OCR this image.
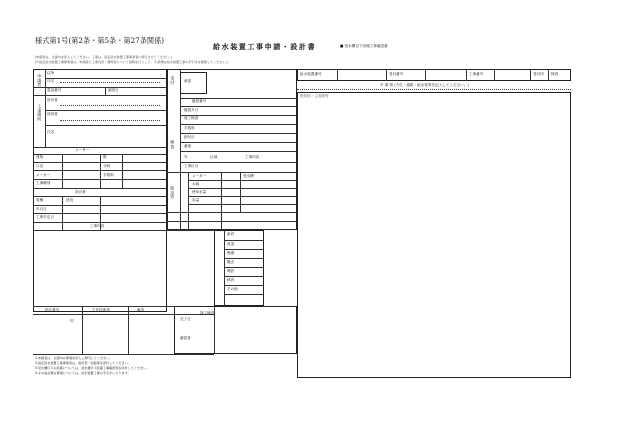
様式第1号(第2条・第5条・第27条関係)
給水装置工事申請・設計書	■ 受水槽以下設備工事確認書
(申請者は、太線内を記入してください。工事は、指定給水装置工事事業者に施行させてください。)
(1.指定給水装置工事事業者は、申請者に工事内容・費用等について説明を行うこと。 2.詳細は給水装置工事の手引きを参照してください。)
申請者
住所
氏名
電話番号	調査日
工事場所
所有者
使用者
氏名
メーター
建物	階
口径	分岐
メーカー	手数料
工事種別
設計者
管種	延長
年月日
工事予定日
工事内容
指定番号	主任技術者	審査
印	完了日
確認者
1.申請者は、太線内の事項を記入し押印してください。
2.指定給水装置工事事業者は、設計書・図面等を添付してください。
3.受水槽以下の設備については、受水槽以下設備工事確認書を添付してください。
4.その他必要な事項については、給水装置工事の手引きによります。
受付
検査
給水管
承認
確認番号
確認月日
竣工検査
手数料
納付日
番地
号	区域	工事内容
工事区分
メーター	受水槽
水源
使用水量
容量
新設
改造
修繕
撤去
増設
移設
その他
竣工検査
給水装置番号	受付番号	工事番号	受付印 検査
平 面 図 (方位・道路・給水栓等を記入してください。)
配管図・立面図等
